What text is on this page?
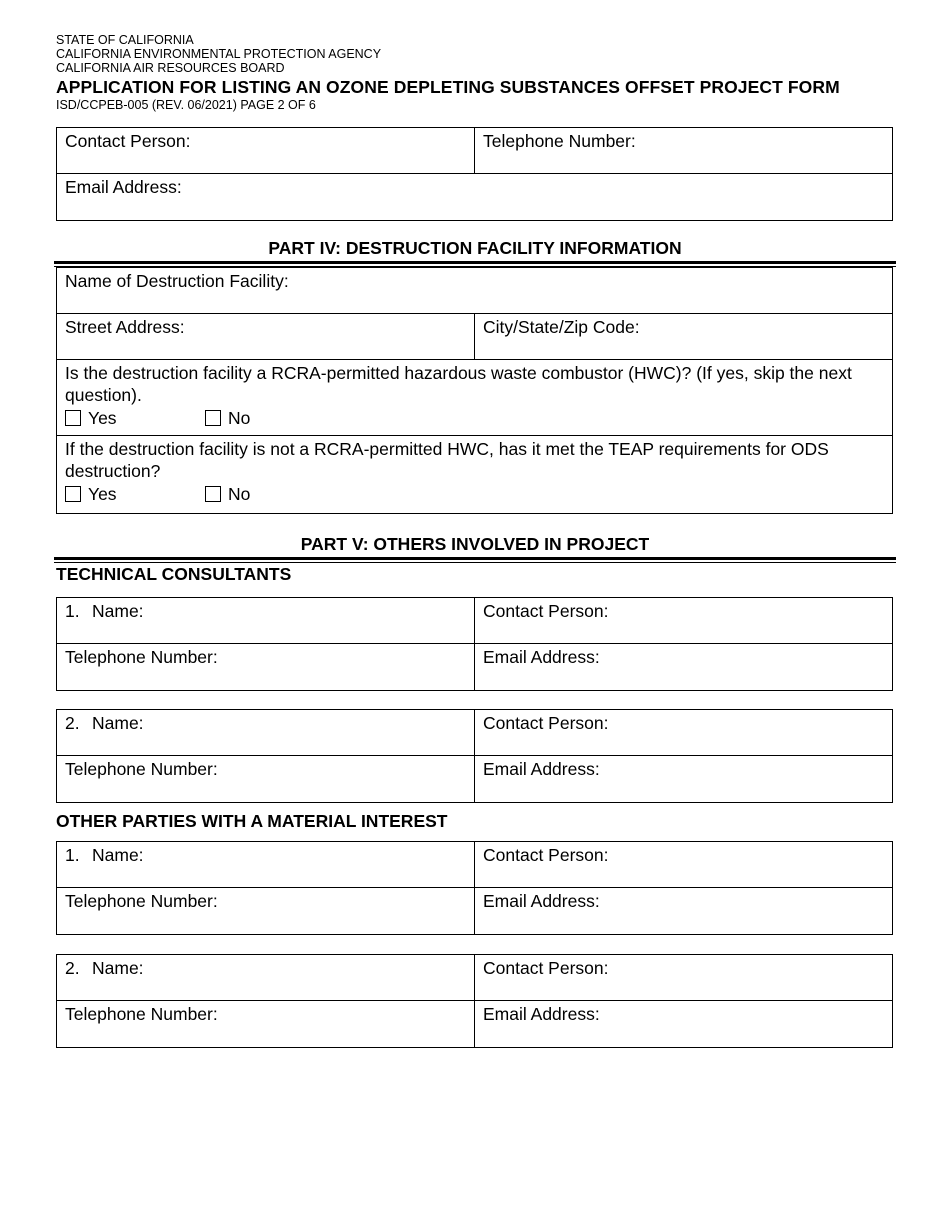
STATE OF CALIFORNIA
CALIFORNIA ENVIRONMENTAL PROTECTION AGENCY
CALIFORNIA AIR RESOURCES BOARD
APPLICATION FOR LISTING AN OZONE DEPLETING SUBSTANCES OFFSET PROJECT FORM
ISD/CCPEB-005 (REV. 06/2021) PAGE 2 OF 6
Contact Person:	Telephone Number:
Email Address:
PART IV: DESTRUCTION FACILITY INFORMATION
Name of Destruction Facility:
Street Address:	City/State/Zip Code:
Is the destruction facility a RCRA-permitted hazardous waste combustor (HWC)? (If yes, skip the next question).
Yes	No
If the destruction facility is not a RCRA-permitted HWC, has it met the TEAP requirements for ODS destruction?
Yes	No
PART V: OTHERS INVOLVED IN PROJECT
TECHNICAL CONSULTANTS
1. Name:	Contact Person:
Telephone Number:	Email Address:
2. Name:	Contact Person:
Telephone Number:	Email Address:
OTHER PARTIES WITH A MATERIAL INTEREST
1. Name:	Contact Person:
Telephone Number:	Email Address:
2. Name:	Contact Person:
Telephone Number:	Email Address:
